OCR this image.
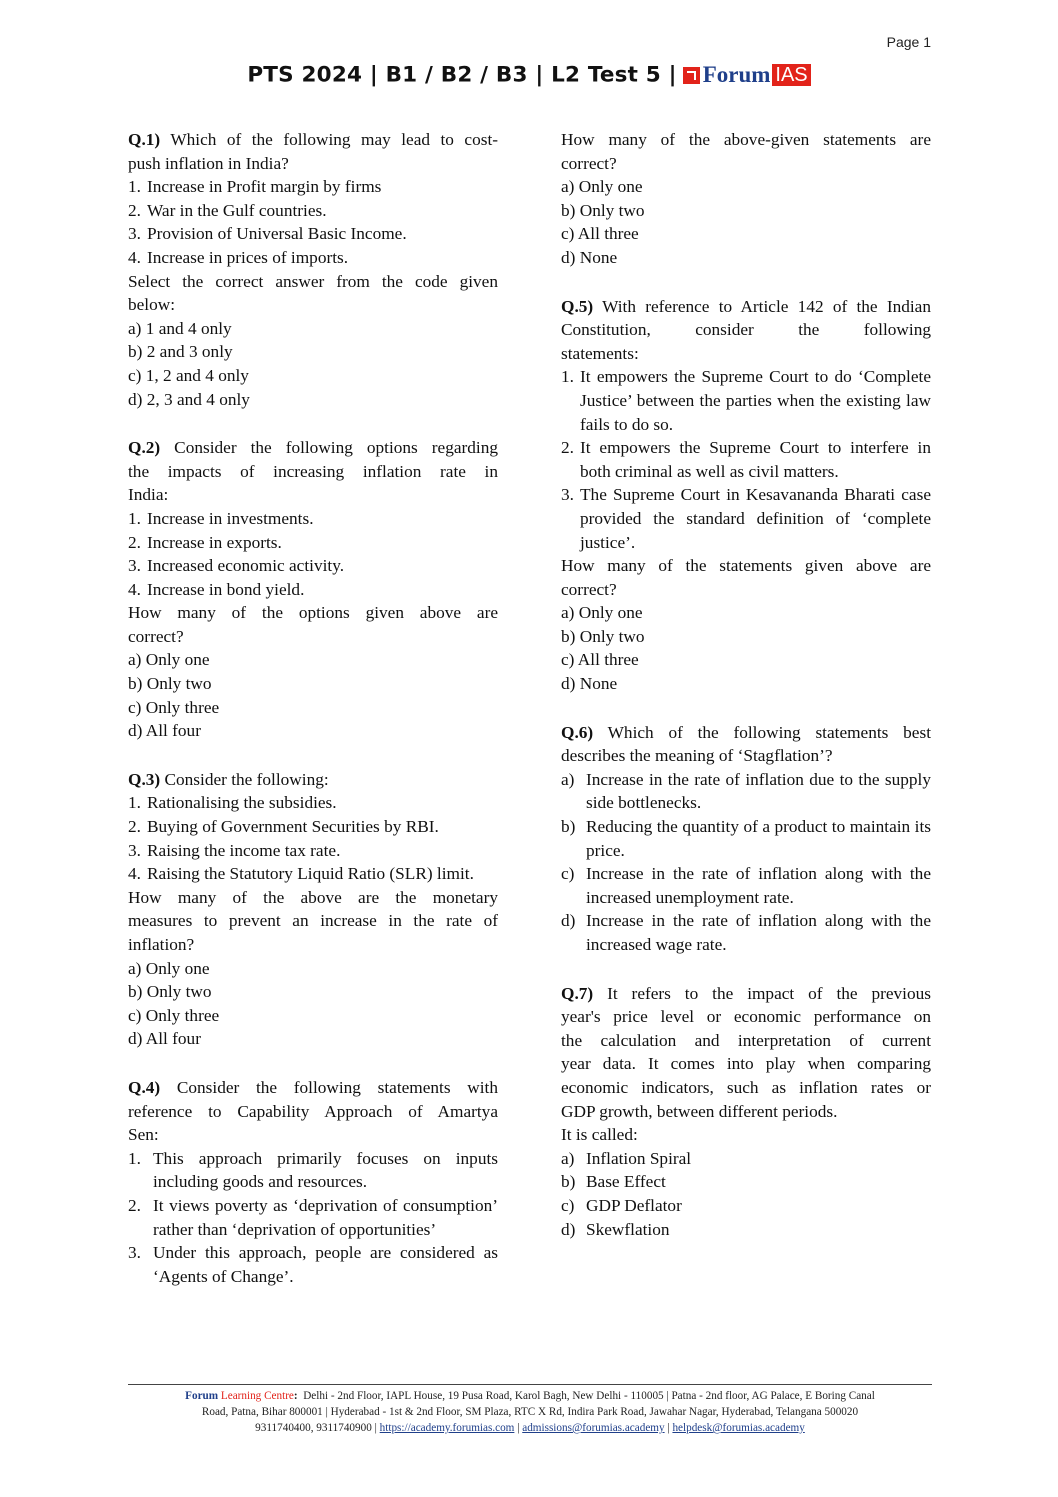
Page 1
PTS 2024 | B1 / B2 / B3 | L2 Test 5 | Forum IAS

Q.1) Which of the following may lead to cost-

push inflation in India?

1. Increase in Profit margin by firms
2. War in the Gulf countries.
3. Provision of Universal Basic Income.
4. Increase in prices of imports.

Select the correct answer from the code given

below:

a) 1 and 4 only

b) 2 and 3 only

c) 1, 2 and 4 only

d) 2, 3 and 4 only

Q.2) Consider the following options regarding

the impacts of increasing inflation rate in

India:

1. Increase in investments.
2. Increase in exports.
3. Increased economic activity.
4. Increase in bond yield.

How many of the options given above are

correct?

a) Only one

b) Only two

c) Only three

d) All four

Q.3) Consider the following:

1. Rationalising the subsidies.
2. Buying of Government Securities by RBI.
3. Raising the income tax rate.
4. Raising the Statutory Liquid Ratio (SLR) limit.

How many of the above are the monetary

measures to prevent an increase in the rate of

inflation?

a) Only one

b) Only two

c) Only three

d) All four

Q.4) Consider the following statements with

reference to Capability Approach of Amartya

Sen:

1. This approach primarily focuses on inputs including goods and resources.
2. It views poverty as ‘deprivation of consumption’ rather than ‘deprivation of opportunities’
3. Under this approach, people are considered as ‘Agents of Change’.

How many of the above-given statements are

correct?

a) Only one

b) Only two

c) All three

d) None

Q.5) With reference to Article 142 of the Indian

Constitution, consider the following

statements:

1. It empowers the Supreme Court to do ‘Complete Justice’ between the parties when the existing law fails to do so.
2. It empowers the Supreme Court to interfere in both criminal as well as civil matters.
3. The Supreme Court in Kesavananda Bharati case provided the standard definition of ‘complete justice’.

How many of the statements given above are

correct?

a) Only one

b) Only two

c) All three

d) None

Q.6) Which of the following statements best

describes the meaning of ‘Stagflation’?

a) Increase in the rate of inflation due to the supply side bottlenecks.
b) Reducing the quantity of a product to maintain its price.
c) Increase in the rate of inflation along with the increased unemployment rate.
d) Increase in the rate of inflation along with the increased wage rate.

Q.7) It refers to the impact of the previous

year's price level or economic performance on

the calculation and interpretation of current

year data. It comes into play when comparing

economic indicators, such as inflation rates or

GDP growth, between different periods.

It is called:

a) Inflation Spiral
b) Base Effect
c) GDP Deflator
d) Skewflation
Forum Learning Centre: Delhi - 2nd Floor, IAPL House, 19 Pusa Road, Karol Bagh, New Delhi - 110005 | Patna - 2nd floor, AG Palace, E Boring Canal
Road, Patna, Bihar 800001 | Hyderabad - 1st & 2nd Floor, SM Plaza, RTC X Rd, Indira Park Road, Jawahar Nagar, Hyderabad, Telangana 500020
9311740400, 9311740900 | https://academy.forumias.com | admissions@forumias.academy | helpdesk@forumias.academy
